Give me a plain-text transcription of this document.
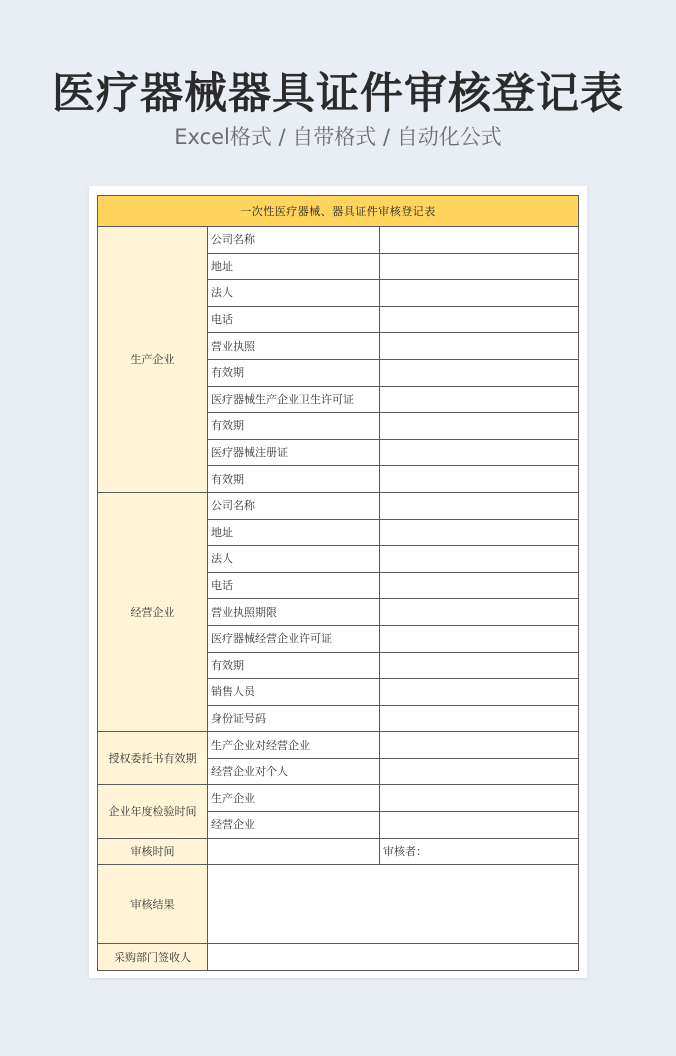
医疗器械器具证件审核登记表
Excel格式 / 自带格式 / 自动化公式
一次性医疗器械、器具证件审核登记表		
生产企业	公司名称	
	地址	
	法人	
	电话	
	营业执照	
	有效期	
	医疗器械生产企业卫生许可证	
	有效期	
	医疗器械注册证	
	有效期	
经营企业	公司名称	
	地址	
	法人	
	电话	
	营业执照期限	
	医疗器械经营企业许可证	
	有效期	
	销售人员	
	身份证号码	
授权委托书有效期	生产企业对经营企业	
	经营企业对个人	
企业年度检验时间	生产企业	
	经营企业	
审核时间		审核者：
审核结果		
采购部门签收人		
